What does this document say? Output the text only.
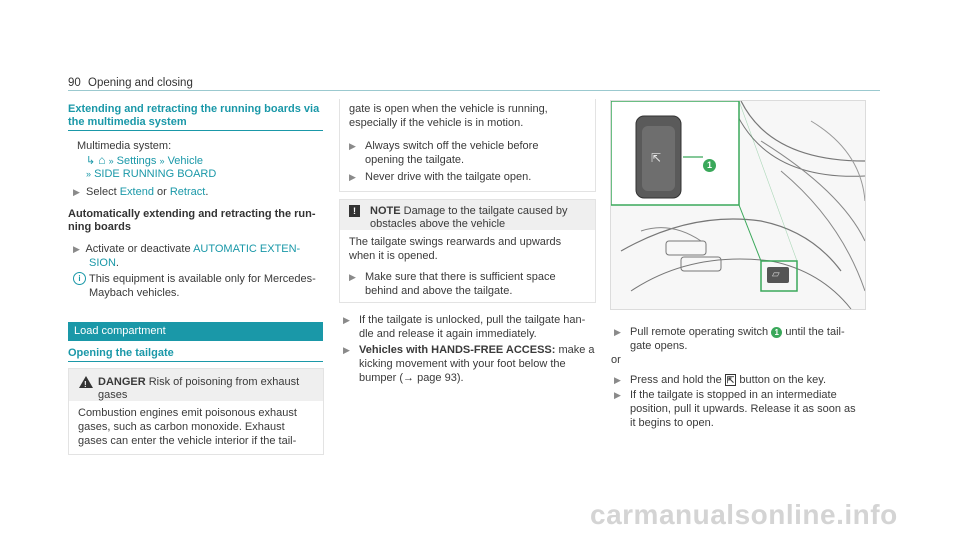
90 Opening and closing
Extending and retracting the running boards via
the multimedia system
Multimedia system:
↳ ⌂ » Settings » Vehicle
» SIDE RUNNING BOARD
▶ Select Extend or Retract.
Automatically extending and retracting the run-
ning boards
▶ Activate or deactivate AUTOMATIC EXTEN-
SION.
i This equipment is available only for Mercedes-
Maybach vehicles.
Load compartment
Opening the tailgate
! DANGER Risk of poisoning from exhaust
gases
Combustion engines emit poisonous exhaust
gases, such as carbon monoxide. Exhaust
gases can enter the vehicle interior if the tail-
gate is open when the vehicle is running,
especially if the vehicle is in motion.
▶ Always switch off the vehicle before
opening the tailgate.
▶ Never drive with the tailgate open.
!	NOTE Damage to the tailgate caused by
obstacles above the vehicle
The tailgate swings rearwards and upwards
when it is opened.
▶ Make sure that there is sufficient space
behind and above the tailgate.
▶ If the tailgate is unlocked, pull the tailgate han-
dle and release it again immediately.
▶ Vehicles with HANDS-FREE ACCESS: make a
kicking movement with your foot below the
bumper (→ page 93).
⇱
▱
1
▶ Pull remote operating switch 1 until the tail-
gate opens.
or
▶ Press and hold the ⇱ button on the key.
▶ If the tailgate is stopped in an intermediate
position, pull it upwards. Release it as soon as
it begins to open.
carmanualsonline.info
